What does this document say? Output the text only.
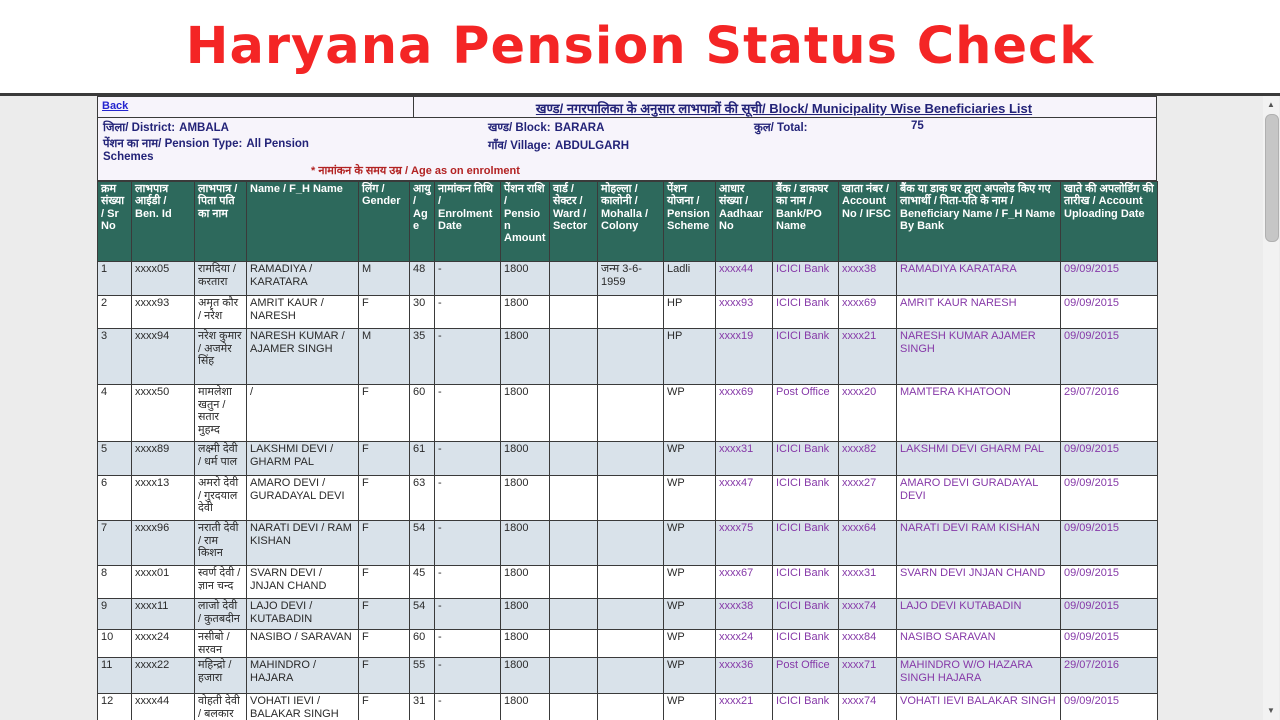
Haryana Pension Status Check
Back	खण्ड/ नगरपालिका के अनुसार लाभपात्रों की सूची/ Block/ Municipality Wise Beneficiaries List
जिला/ District: AMBALA	खण्ड/ Block: BARARA	कुल/ Total:	75
पेंशन का नाम/ Pension Type: All Pension Schemes
गाँव/ Village: ABDULGARH
* नामांकन के समय उम्र / Age as on enrolment
क्रम संख्या / Sr No	लाभपात्र आईडी / Ben. Id	लाभपात्र / पिता पति का नाम	Name / F_H Name	लिंग / Gender	आयु / Age	नामांकन तिथि / Enrolment Date	पेंशन राशि / Pension Amount	वार्ड / सेक्टर / Ward / Sector	मोहल्ला / कालोनी / Mohalla / Colony	पेंशन योजना / Pension Scheme	आधार संख्या / Aadhaar No	बैंक / डाकघर का नाम / Bank/PO Name	खाता नंबर / Account No / IFSC	बैंक या डाक घर द्वारा अपलोड किए गए लाभार्थी / पिता-पति के नाम / Beneficiary Name / F_H Name By Bank	खाते की अपलोडिंग की तारीख / Account Uploading Date
1	xxxx05	रामदिया / करतारा	RAMADIYA / KARATARA	M	48	-	1800		जन्म 3-6-1959	Ladli	xxxx44	ICICI Bank	xxxx38	RAMADIYA KARATARA	09/09/2015
2	xxxx93	अमृत कौर / नरेश	AMRIT KAUR / NARESH	F	30	-	1800			HP	xxxx93	ICICI Bank	xxxx69	AMRIT KAUR NARESH	09/09/2015
3	xxxx94	नरेश कुमार / अजमेर सिंह	NARESH KUMAR / AJAMER SINGH	M	35	-	1800			HP	xxxx19	ICICI Bank	xxxx21	NARESH KUMAR AJAMER SINGH	09/09/2015
4	xxxx50	मामलेशा खतुन / सतार मुहम्द	/	F	60	-	1800			WP	xxxx69	Post Office	xxxx20	MAMTERA KHATOON	29/07/2016
5	xxxx89	लक्ष्मी देवी / धर्म पाल	LAKSHMI DEVI / GHARM PAL	F	61	-	1800			WP	xxxx31	ICICI Bank	xxxx82	LAKSHMI DEVI GHARM PAL	09/09/2015
6	xxxx13	अमरो देवी / गुरदयाल देवी	AMARO DEVI / GURADAYAL DEVI	F	63	-	1800			WP	xxxx47	ICICI Bank	xxxx27	AMARO DEVI GURADAYAL DEVI	09/09/2015
7	xxxx96	नराती देवी / राम किशन	NARATI DEVI / RAM KISHAN	F	54	-	1800			WP	xxxx75	ICICI Bank	xxxx64	NARATI DEVI RAM KISHAN	09/09/2015
8	xxxx01	स्वर्ण देवी / ज्ञान चन्द	SVARN DEVI / JNJAN CHAND	F	45	-	1800			WP	xxxx67	ICICI Bank	xxxx31	SVARN DEVI JNJAN CHAND	09/09/2015
9	xxxx11	लाजो देवी / कुतबदीन	LAJO DEVI / KUTABADIN	F	54	-	1800			WP	xxxx38	ICICI Bank	xxxx74	LAJO DEVI KUTABADIN	09/09/2015
10	xxxx24	नसीबो / सरवन	NASIBO / SARAVAN	F	60	-	1800			WP	xxxx24	ICICI Bank	xxxx84	NASIBO SARAVAN	09/09/2015
11	xxxx22	महिन्द्रो / हजारा	MAHINDRO / HAJARA	F	55	-	1800			WP	xxxx36	Post Office	xxxx71	MAHINDRO W/O HAZARA SINGH HAJARA	29/07/2016
12	xxxx44	वोहती देवी / बलकार	VOHATI IEVI / BALAKAR SINGH	F	31	-	1800			WP	xxxx21	ICICI Bank	xxxx74	VOHATI IEVI BALAKAR SINGH	09/09/2015
▲
▼
